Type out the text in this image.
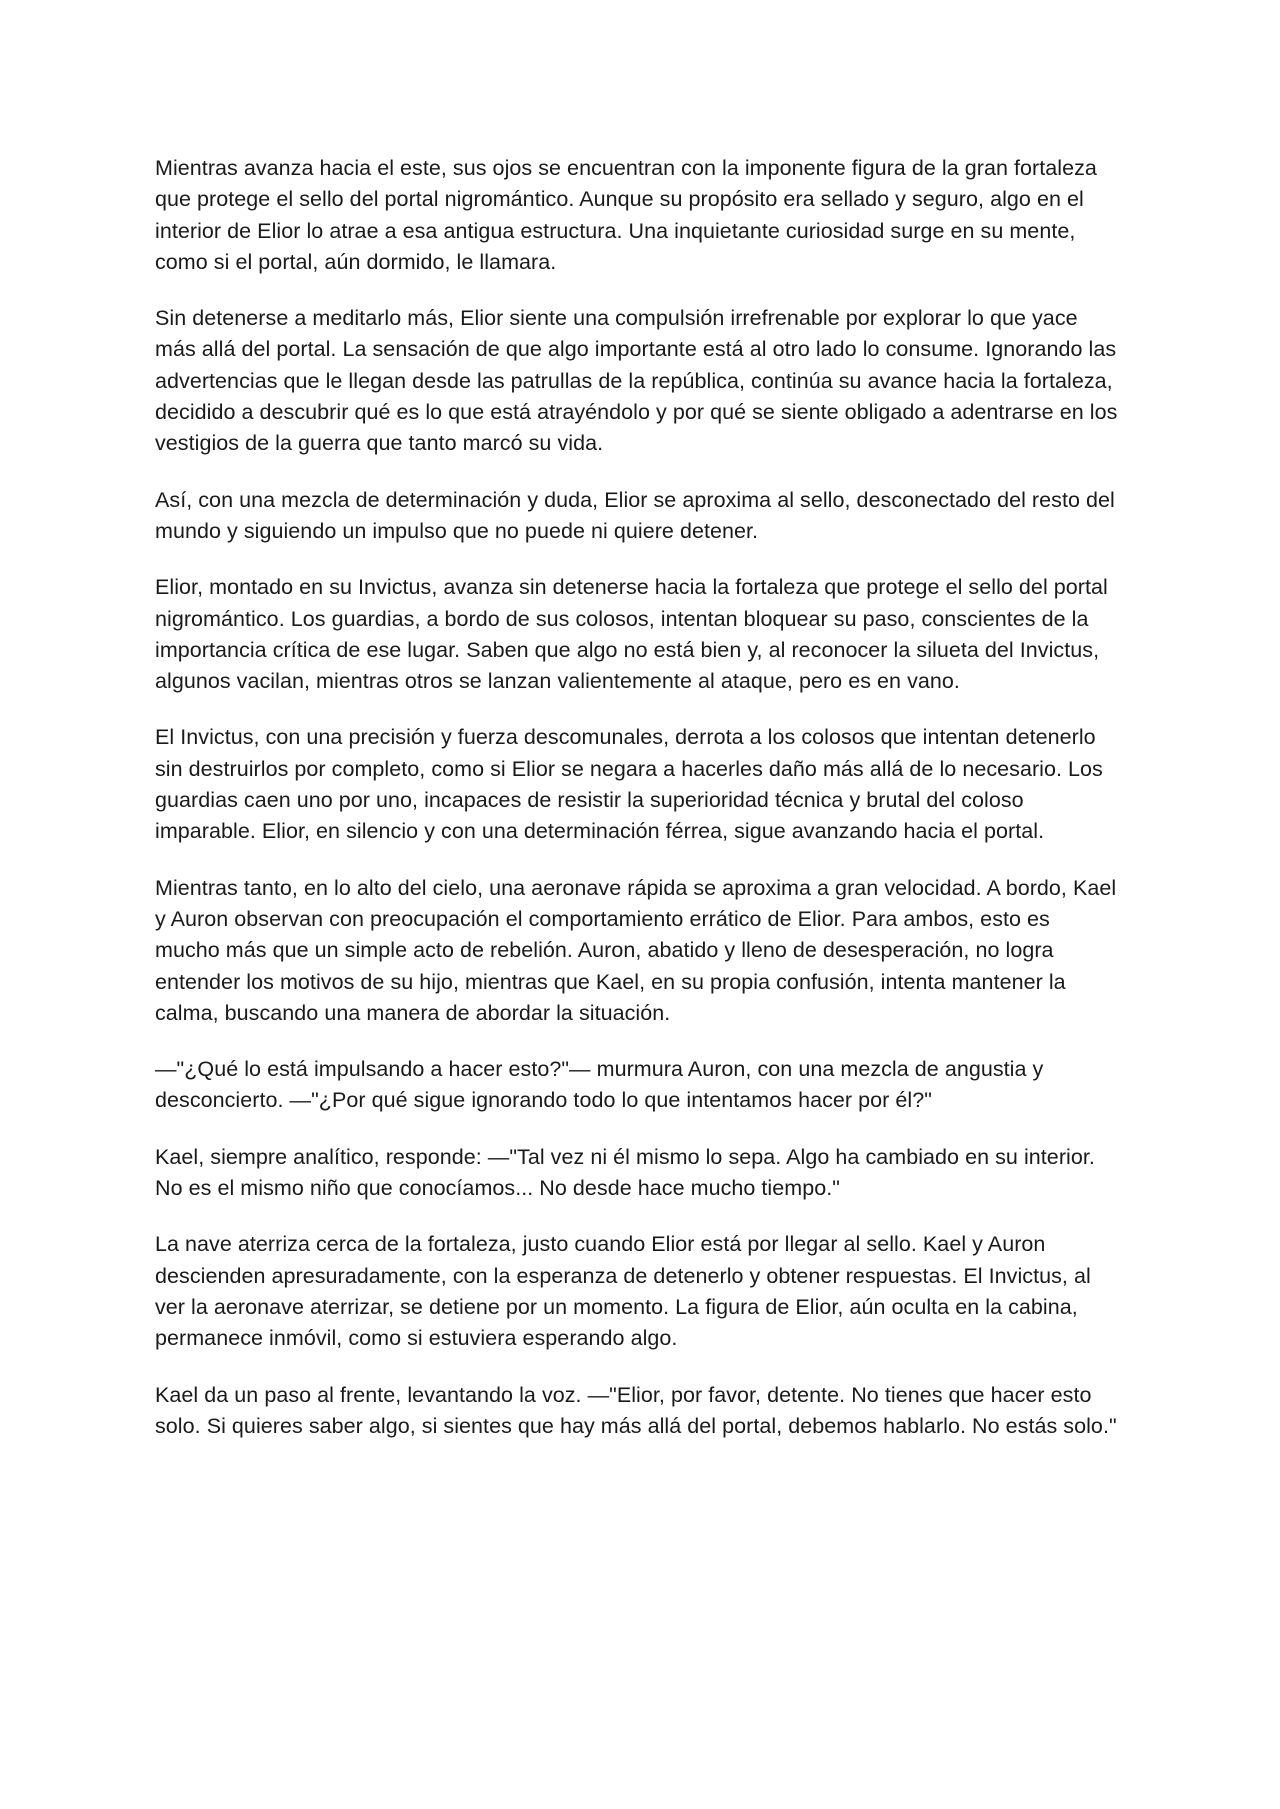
Mientras avanza hacia el este, sus ojos se encuentran con la imponente figura de la gran fortaleza que protege el sello del portal nigromántico. Aunque su propósito era sellado y seguro, algo en el interior de Elior lo atrae a esa antigua estructura. Una inquietante curiosidad surge en su mente, como si el portal, aún dormido, le llamara.

Sin detenerse a meditarlo más, Elior siente una compulsión irrefrenable por explorar lo que yace más allá del portal. La sensación de que algo importante está al otro lado lo consume. Ignorando las advertencias que le llegan desde las patrullas de la república, continúa su avance hacia la fortaleza, decidido a descubrir qué es lo que está atrayéndolo y por qué se siente obligado a adentrarse en los vestigios de la guerra que tanto marcó su vida.

Así, con una mezcla de determinación y duda, Elior se aproxima al sello, desconectado del resto del mundo y siguiendo un impulso que no puede ni quiere detener.

Elior, montado en su Invictus, avanza sin detenerse hacia la fortaleza que protege el sello del portal nigromántico. Los guardias, a bordo de sus colosos, intentan bloquear su paso, conscientes de la importancia crítica de ese lugar. Saben que algo no está bien y, al reconocer la silueta del Invictus, algunos vacilan, mientras otros se lanzan valientemente al ataque, pero es en vano.

El Invictus, con una precisión y fuerza descomunales, derrota a los colosos que intentan detenerlo sin destruirlos por completo, como si Elior se negara a hacerles daño más allá de lo necesario. Los guardias caen uno por uno, incapaces de resistir la superioridad técnica y brutal del coloso imparable. Elior, en silencio y con una determinación férrea, sigue avanzando hacia el portal.

Mientras tanto, en lo alto del cielo, una aeronave rápida se aproxima a gran velocidad. A bordo, Kael y Auron observan con preocupación el comportamiento errático de Elior. Para ambos, esto es mucho más que un simple acto de rebelión. Auron, abatido y lleno de desesperación, no logra entender los motivos de su hijo, mientras que Kael, en su propia confusión, intenta mantener la calma, buscando una manera de abordar la situación.

—"¿Qué lo está impulsando a hacer esto?"— murmura Auron, con una mezcla de angustia y desconcierto. —"¿Por qué sigue ignorando todo lo que intentamos hacer por él?"

Kael, siempre analítico, responde: —"Tal vez ni él mismo lo sepa. Algo ha cambiado en su interior. No es el mismo niño que conocíamos... No desde hace mucho tiempo."

La nave aterriza cerca de la fortaleza, justo cuando Elior está por llegar al sello. Kael y Auron descienden apresuradamente, con la esperanza de detenerlo y obtener respuestas. El Invictus, al ver la aeronave aterrizar, se detiene por un momento. La figura de Elior, aún oculta en la cabina, permanece inmóvil, como si estuviera esperando algo.

Kael da un paso al frente, levantando la voz. —"Elior, por favor, detente. No tienes que hacer esto solo. Si quieres saber algo, si sientes que hay más allá del portal, debemos hablarlo. No estás solo."
